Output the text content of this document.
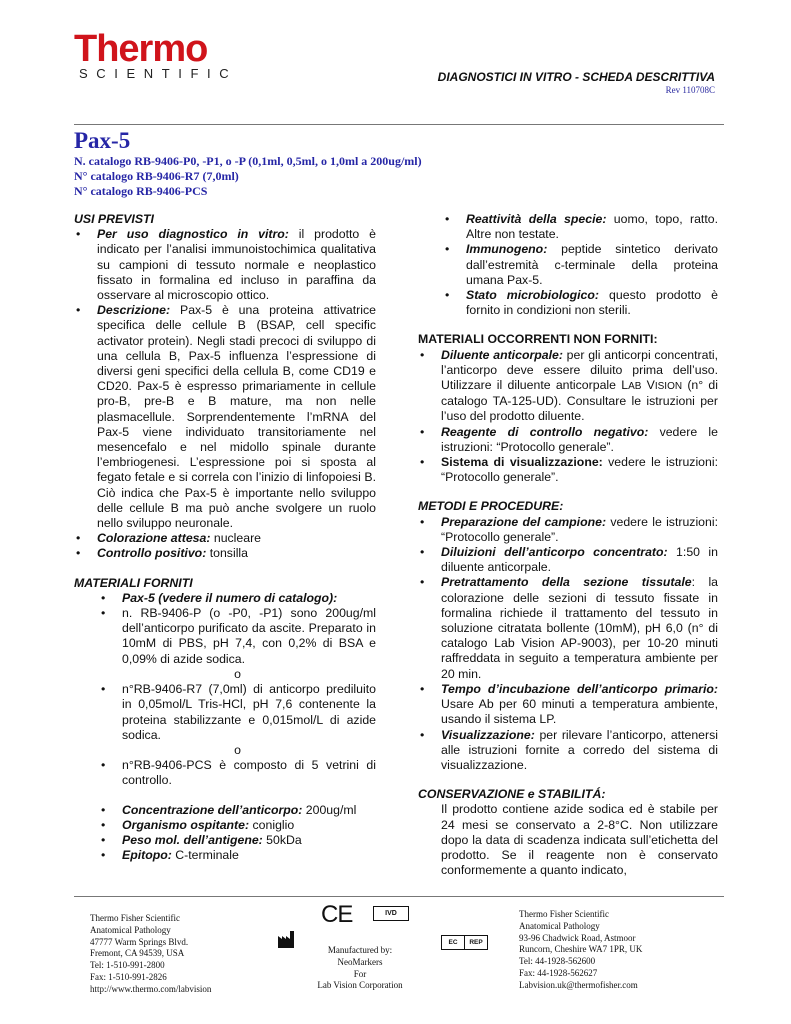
Thermo
SCIENTIFIC	DIAGNOSTICI IN VITRO - SCHEDA DESCRITTIVA
Rev 110708C
Pax-5
N. catalogo RB-9406-P0, -P1, o -P (0,1ml, 0,5ml, o 1,0ml a 200ug/ml)
N° catalogo RB-9406-R7 (7,0ml)
N° catalogo RB-9406-PCS
USI PREVISTI
• Per uso diagnostico in vitro: il prodotto è indicato per l’analisi immunoistochimica qualitativa su campioni di tessuto normale e neoplastico fissato in formalina ed incluso in paraffina da osservare al microscopio ottico.
• Descrizione: Pax-5 è una proteina attivatrice specifica delle cellule B (BSAP, cell specific activator protein). Negli stadi precoci di sviluppo di una cellula B, Pax-5 influenza l’espressione di diversi geni specifici della cellula B, come CD19 e CD20. Pax-5 è espresso primariamente in cellule pro-B, pre-B e B mature, ma non nelle plasmacellule. Sorprendentemente l’mRNA del Pax-5 viene individuato transitoriamente nel mesencefalo e nel midollo spinale durante l’embriogenesi. L’espressione poi si sposta al fegato fetale e si correla con l’inizio di linfopoiesi B. Ciò indica che Pax-5 è importante nello sviluppo delle cellule B ma può anche svolgere un ruolo nello sviluppo neuronale.
• Colorazione attesa: nucleare
• Controllo positivo: tonsilla
MATERIALI FORNITI
• Pax-5 (vedere il numero di catalogo):
• n. RB-9406-P (o -P0, -P1) sono 200ug/ml dell’anticorpo purificato da ascite. Preparato in 10mM di PBS, pH 7,4, con 0,2% di BSA e 0,09% di azide sodica.
o
• n°RB-9406-R7 (7,0ml) di anticorpo prediluito in 0,05mol/L Tris-HCl, pH 7,6 contenente la proteina stabilizzante e 0,015mol/L di azide sodica.
o
• n°RB-9406-PCS è composto di 5 vetrini di controllo.
• Concentrazione dell’anticorpo: 200ug/ml
• Organismo ospitante: coniglio
• Peso mol. dell’antigene: 50kDa
• Epitopo: C-terminale
• Reattività della specie: uomo, topo, ratto. Altre non testate.
• Immunogeno: peptide sintetico derivato dall’estremità c-terminale della proteina umana Pax-5.
• Stato microbiologico: questo prodotto è fornito in condizioni non sterili.
MATERIALI OCCORRENTI NON FORNITI:
• Diluente anticorpale: per gli anticorpi concentrati, l’anticorpo deve essere diluito prima dell’uso. Utilizzare il diluente anticorpale LAB VISION (n° di catalogo TA-125-UD). Consultare le istruzioni per l’uso del prodotto diluente.
• Reagente di controllo negativo: vedere le istruzioni: “Protocollo generale”.
• Sistema di visualizzazione: vedere le istruzioni: “Protocollo generale”.
METODI E PROCEDURE:
• Preparazione del campione: vedere le istruzioni: “Protocollo generale”.
• Diluizioni dell’anticorpo concentrato: 1:50 in diluente anticorpale.
• Pretrattamento della sezione tissutale: la colorazione delle sezioni di tessuto fissate in formalina richiede il trattamento del tessuto in soluzione citratata bollente (10mM), pH 6,0 (n° di catalogo Lab Vision AP-9003), per 10-20 minuti raffreddata in seguito a temperatura ambiente per 20 min.
• Tempo d’incubazione dell’anticorpo primario: Usare Ab per 60 minuti a temperatura ambiente, usando il sistema LP.
• Visualizzazione: per rilevare l’anticorpo, attenersi alle istruzioni fornite a corredo del sistema di visualizzazione.
CONSERVAZIONE e STABILITÁ:
Il prodotto contiene azide sodica ed è stabile per 24 mesi se conservato a 2-8°C. Non utilizzare dopo la data di scadenza indicata sull’etichetta del prodotto. Se il reagente non è conservato conformemente a quanto indicato,
Thermo Fisher Scientific
Anatomical Pathology
47777 Warm Springs Blvd.
Fremont, CA 94539, USA
Tel: 1-510-991-2800
Fax: 1-510-991-2826
http://www.thermo.com/labvision
CE	IVD
Manufactured by:
NeoMarkers
For
Lab Vision Corporation
EC	REP
Thermo Fisher Scientific
Anatomical Pathology
93-96 Chadwick Road, Astmoor
Runcorn, Cheshire WA7 1PR, UK
Tel: 44-1928-562600
Fax: 44-1928-562627
Labvision.uk@thermofisher.com
